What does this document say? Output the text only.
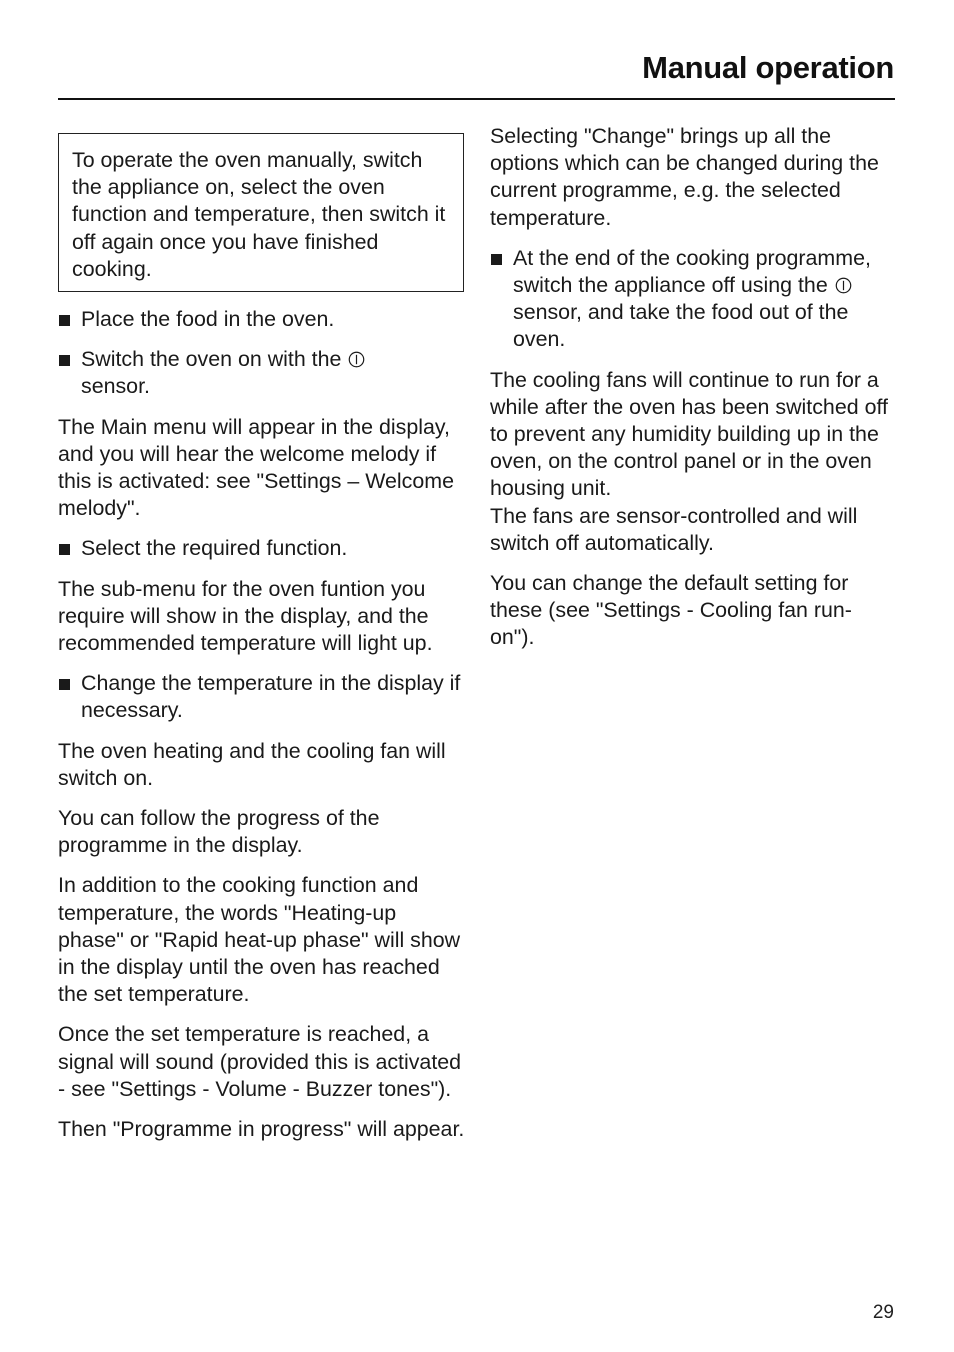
Manual operation

To operate the oven manually, switch the appliance on, select the oven function and temperature, then switch it off again once you have finished cooking.

Place the food in the oven.
Switch the oven on with the
sensor.

The Main menu will appear in the display, and you will hear the welcome melody if this is activated: see "Settings – Welcome melody".

Select the required function.

The sub-menu for the oven funtion you require will show in the display, and the recommended temperature will light up.

Change the temperature in the display if necessary.

The oven heating and the cooling fan will switch on.

You can follow the progress of the programme in the display.

In addition to the cooking function and temperature, the words "Heating-up phase" or "Rapid heat-up phase" will show in the display until the oven has reached the set temperature.

Once the set temperature is reached, a signal will sound (provided this is activated - see "Settings - Volume - Buzzer tones").

Then "Programme in progress" will appear.

Selecting "Change" brings up all the options which can be changed during the current programme, e.g. the selected temperature.

At the end of the cooking programme, switch the appliance off using the  sensor, and take the food out of the oven.

The cooling fans will continue to run for a while after the oven has been switched off to prevent any humidity building up in the oven, on the control panel or in the oven housing unit.
The fans are sensor-controlled and will switch off automatically.

You can change the default setting for these (see "Settings - Cooling fan run-on").

29
